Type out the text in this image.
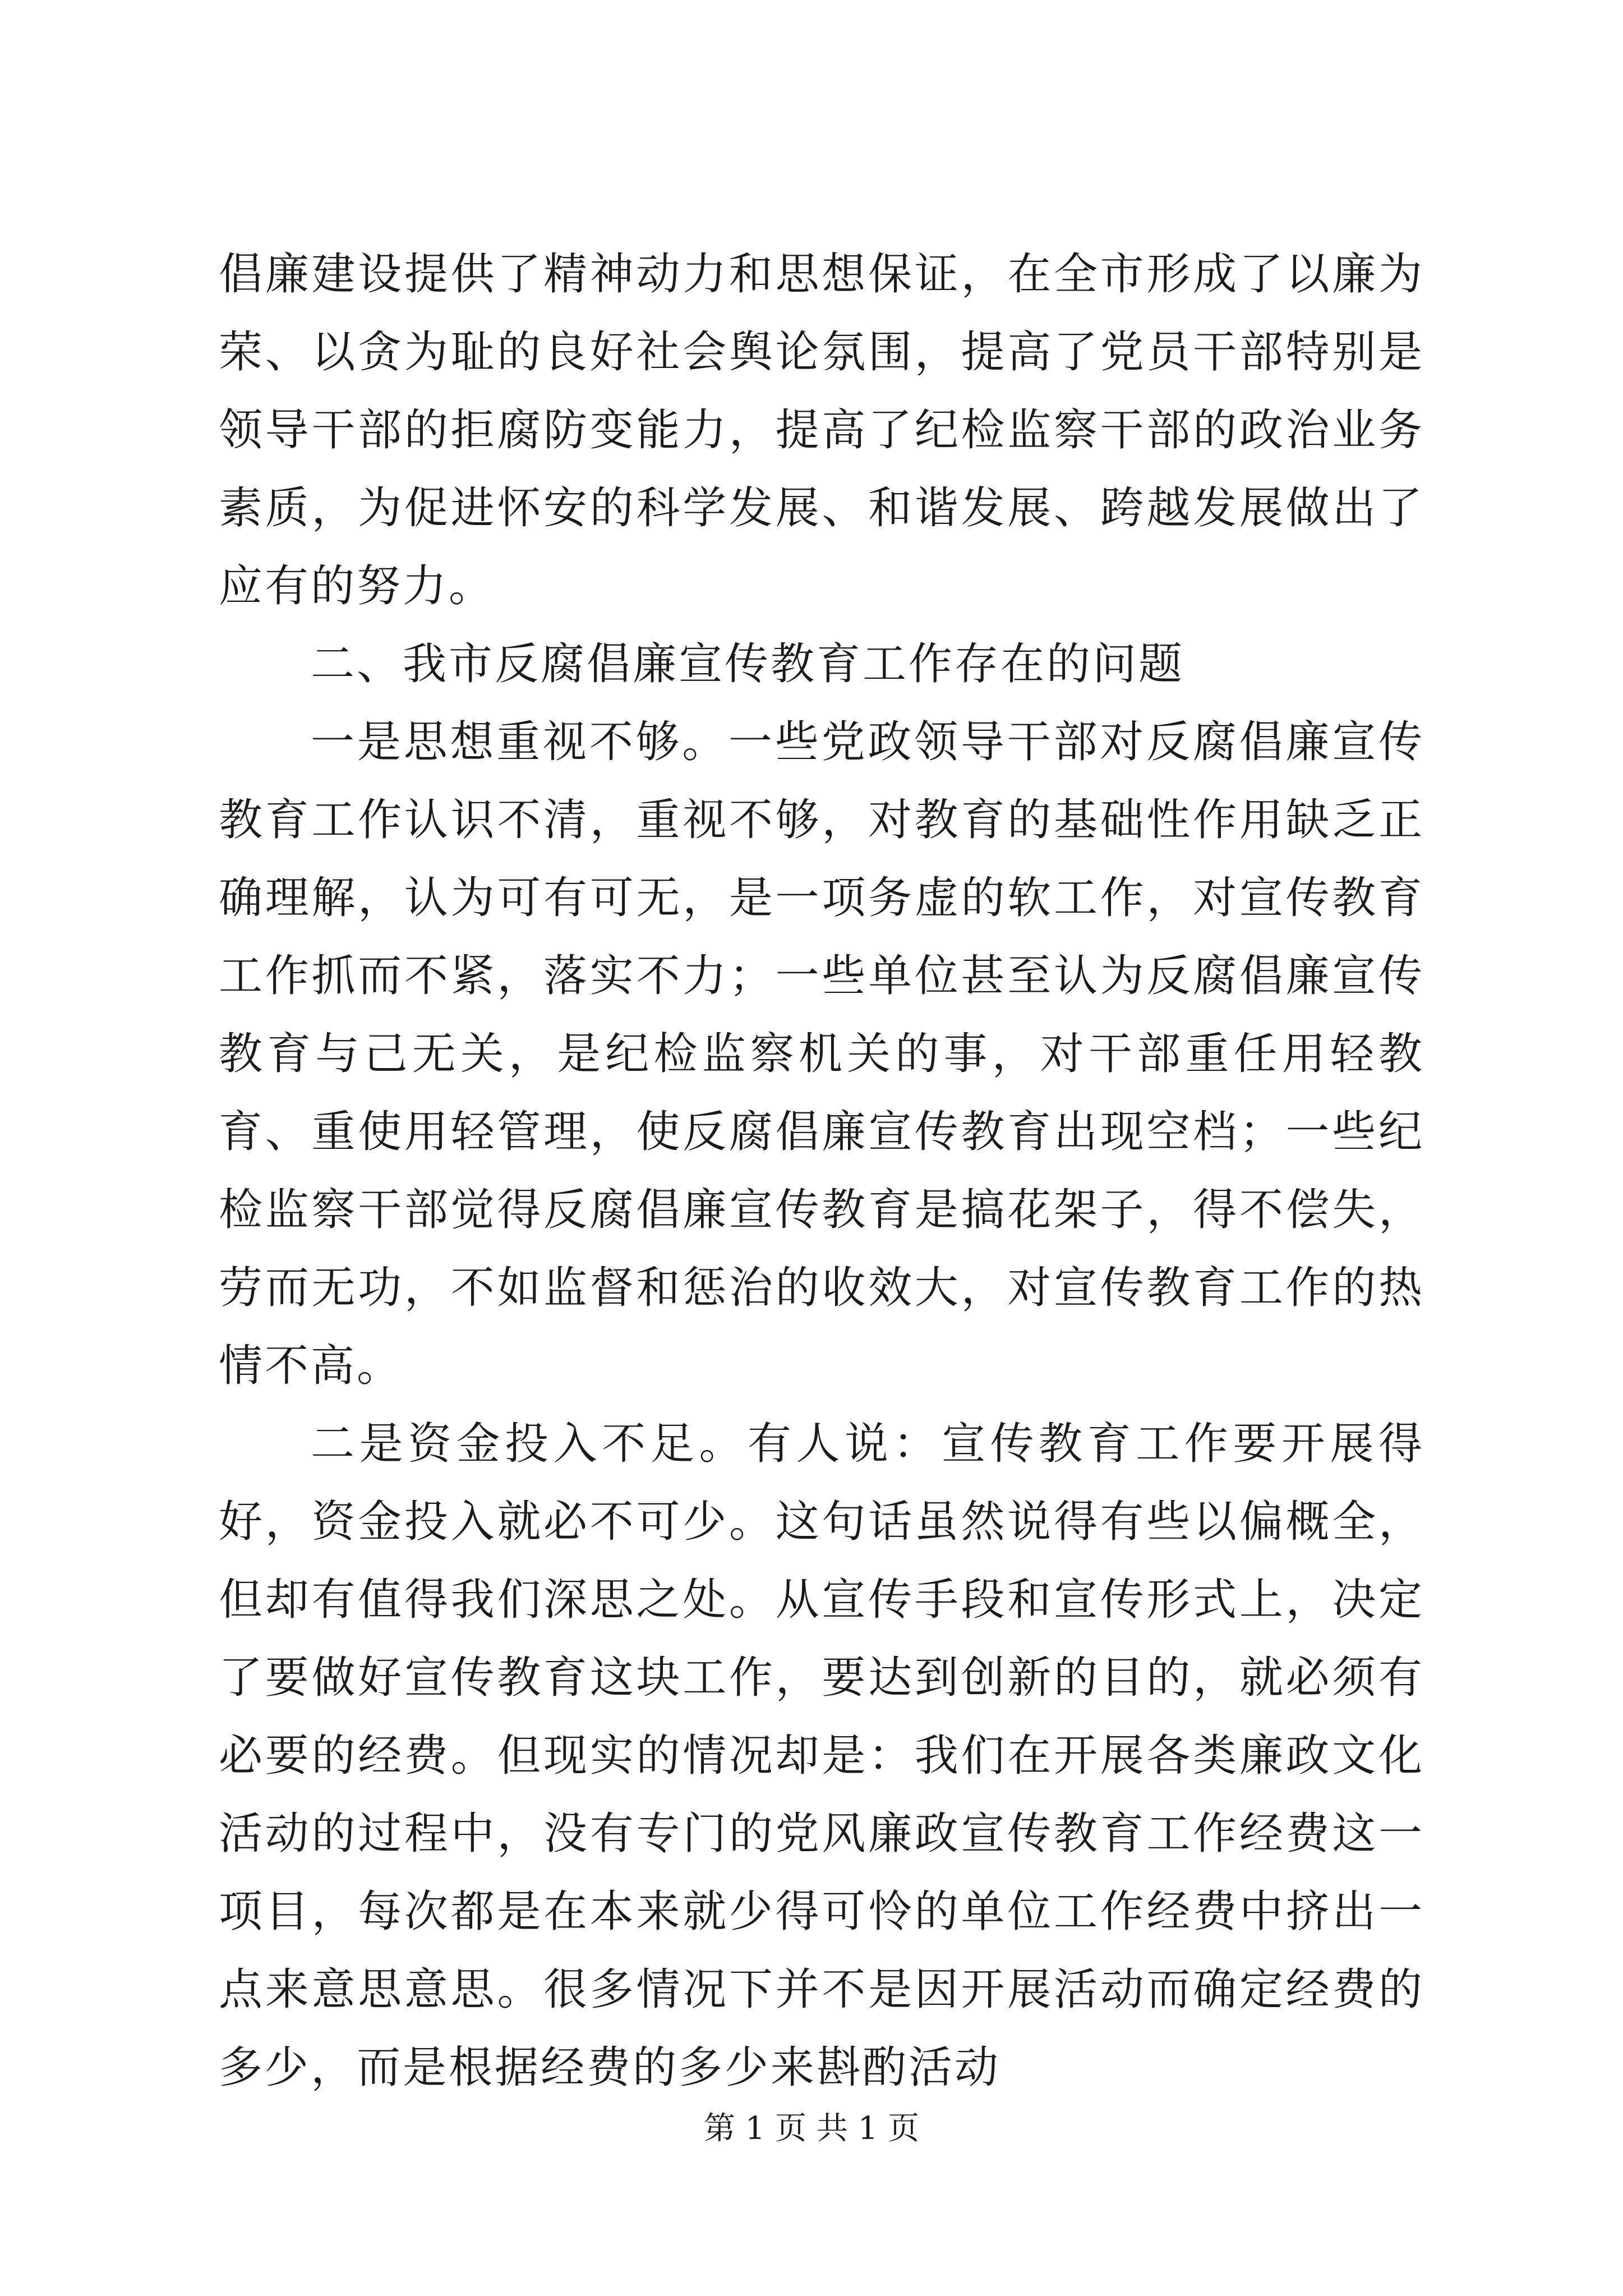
倡廉建设提供了精神动力和思想保证，在全市形成了以廉为荣、以贪为耻的良好社会舆论氛围，提高了党员干部特别是领导干部的拒腐防变能力，提高了纪检监察干部的政治业务素质，为促进怀安的科学发展、和谐发展、跨越发展做出了应有的努力。

二、我市反腐倡廉宣传教育工作存在的问题

一是思想重视不够。一些党政领导干部对反腐倡廉宣传教育工作认识不清，重视不够，对教育的基础性作用缺乏正确理解，认为可有可无，是一项务虚的软工作，对宣传教育工作抓而不紧，落实不力；一些单位甚至认为反腐倡廉宣传教育与己无关，是纪检监察机关的事，对干部重任用轻教育、重使用轻管理，使反腐倡廉宣传教育出现空档；一些纪检监察干部觉得反腐倡廉宣传教育是搞花架子，得不偿失，劳而无功，不如监督和惩治的收效大，对宣传教育工作的热情不高。

二是资金投入不足。有人说：宣传教育工作要开展得好，资金投入就必不可少。这句话虽然说得有些以偏概全，但却有值得我们深思之处。从宣传手段和宣传形式上，决定了要做好宣传教育这块工作，要达到创新的目的，就必须有必要的经费。但现实的情况却是：我们在开展各类廉政文化活动的过程中，没有专门的党风廉政宣传教育工作经费这一项目，每次都是在本来就少得可怜的单位工作经费中挤出一点来意思意思。很多情况下并不是因开展活动而确定经费的多少，而是根据经费的多少来斟酌活动

第 1 页 共 1 页
